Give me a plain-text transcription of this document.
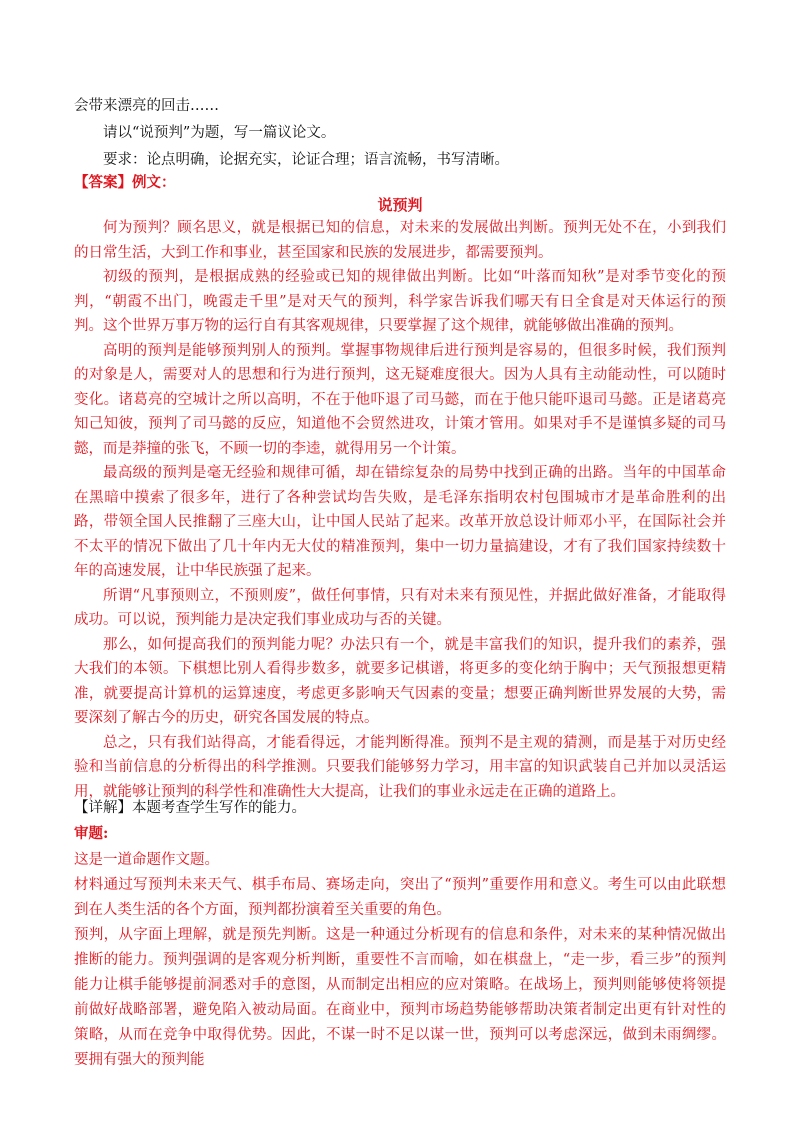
会带来漂亮的回击……

请以“说预判”为题，写一篇议论文。

要求：论点明确，论据充实，论证合理；语言流畅，书写清晰。

【答案】例文：
说预判

何为预判？顾名思义，就是根据已知的信息，对未来的发展做出判断。预判无处不在，小到我们的日常生活，大到工作和事业，甚至国家和民族的发展进步，都需要预判。

初级的预判，是根据成熟的经验或已知的规律做出判断。比如“叶落而知秋”是对季节变化的预判，“朝霞不出门，晚霞走千里”是对天气的预判，科学家告诉我们哪天有日全食是对天体运行的预判。这个世界万事万物的运行自有其客观规律，只要掌握了这个规律，就能够做出准确的预判。

高明的预判是能够预判别人的预判。掌握事物规律后进行预判是容易的，但很多时候，我们预判的对象是人，需要对人的思想和行为进行预判，这无疑难度很大。因为人具有主动能动性，可以随时变化。诸葛亮的空城计之所以高明，不在于他吓退了司马懿，而在于他只能吓退司马懿。正是诸葛亮知己知彼，预判了司马懿的反应，知道他不会贸然进攻，计策才管用。如果对手不是谨慎多疑的司马懿，而是莽撞的张飞，不顾一切的李逵，就得用另一个计策。

最高级的预判是毫无经验和规律可循，却在错综复杂的局势中找到正确的出路。当年的中国革命在黑暗中摸索了很多年，进行了各种尝试均告失败，是毛泽东指明农村包围城市才是革命胜利的出路，带领全国人民推翻了三座大山，让中国人民站了起来。改革开放总设计师邓小平，在国际社会并不太平的情况下做出了几十年内无大仗的精准预判，集中一切力量搞建设，才有了我们国家持续数十年的高速发展，让中华民族强了起来。

所谓“凡事预则立，不预则废”，做任何事情，只有对未来有预见性，并据此做好准备，才能取得成功。可以说，预判能力是决定我们事业成功与否的关键。

那么，如何提高我们的预判能力呢？办法只有一个，就是丰富我们的知识，提升我们的素养，强大我们的本领。下棋想比别人看得步数多，就要多记棋谱，将更多的变化纳于胸中；天气预报想更精准，就要提高计算机的运算速度，考虑更多影响天气因素的变量；想要正确判断世界发展的大势，需要深刻了解古今的历史，研究各国发展的特点。

总之，只有我们站得高，才能看得远，才能判断得准。预判不是主观的猜测，而是基于对历史经验和当前信息的分析得出的科学推测。只要我们能够努力学习，用丰富的知识武装自己并加以灵活运用，就能够让预判的科学性和准确性大大提高，让我们的事业永远走在正确的道路上。

【详解】本题考查学生写作的能力。
审题:

这是一道命题作文题。

材料通过写预判未来天气、棋手布局、赛场走向，突出了“预判”重要作用和意义。考生可以由此联想到在人类生活的各个方面，预判都扮演着至关重要的角色。

预判，从字面上理解，就是预先判断。这是一种通过分析现有的信息和条件，对未来的某种情况做出推断的能力。预判强调的是客观分析判断，重要性不言而喻，如在棋盘上，“走一步，看三步”的预判能力让棋手能够提前洞悉对手的意图，从而制定出相应的应对策略。在战场上，预判则能够使将领提前做好战略部署，避免陷入被动局面。在商业中，预判市场趋势能够帮助决策者制定出更有针对性的策略，从而在竞争中取得优势。因此，不谋一时不足以谋一世，预判可以考虑深远，做到未雨绸缪。要拥有强大的预判能
